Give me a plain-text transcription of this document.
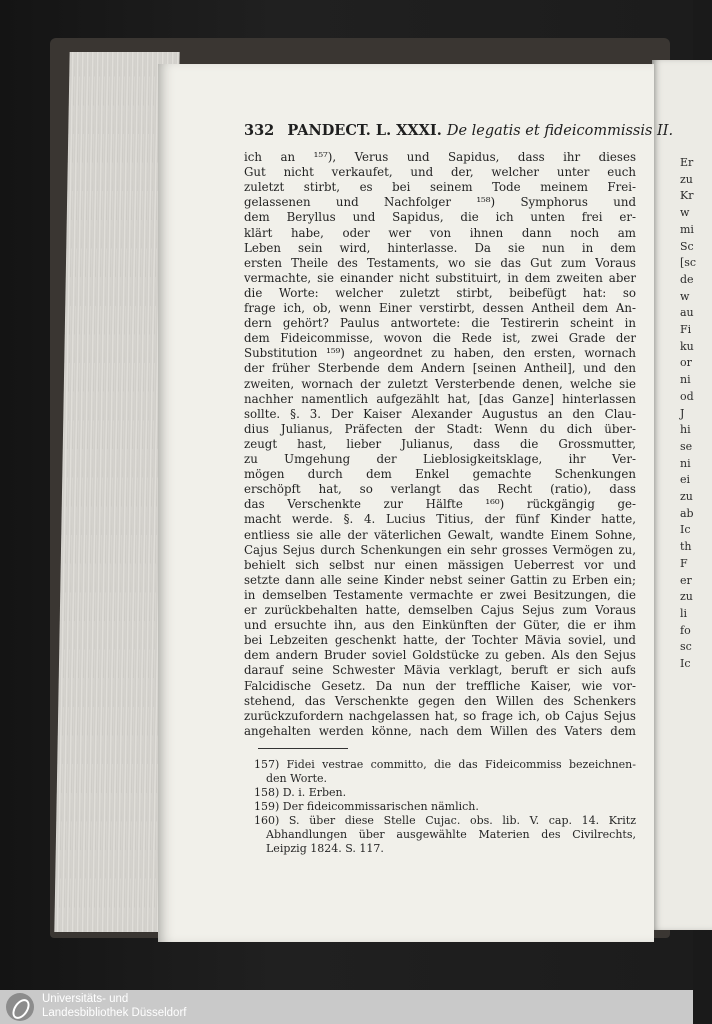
Er
zu
Kr
w
mi
Sc
[sc
de
w
au
Fi
ku
or
ni
od
J
hi
se
ni
ei
zu
ab
Ic
th
F
er
zu
li
fo
sc
Ic
332 PANDECT. L. XXXI. De legatis et fideicommissis II.
ich an ¹⁵⁷), Verus und Sapidus, dass ihr dieses
Gut nicht verkaufet, und der, welcher unter euch
zuletzt stirbt, es bei seinem Tode meinem Frei-
gelassenen und Nachfolger ¹⁵⁸) Symphorus und
dem Beryllus und Sapidus, die ich unten frei er-
klärt habe, oder wer von ihnen dann noch am
Leben sein wird, hinterlasse. Da sie nun in dem
ersten Theile des Testaments, wo sie das Gut zum Voraus
vermachte, sie einander nicht substituirt, in dem zweiten aber
die Worte: welcher zuletzt stirbt, beibefügt hat: so
frage ich, ob, wenn Einer verstirbt, dessen Antheil dem An-
dern gehört? Paulus antwortete: die Testirerin scheint in
dem Fideicommisse, wovon die Rede ist, zwei Grade der
Substitution ¹⁵⁹) angeordnet zu haben, den ersten, wornach
der früher Sterbende dem Andern [seinen Antheil], und den
zweiten, wornach der zuletzt Versterbende denen, welche sie
nachher namentlich aufgezählt hat, [das Ganze] hinterlassen
sollte. §. 3. Der Kaiser Alexander Augustus an den Clau-
dius Julianus, Präfecten der Stadt: Wenn du dich über-
zeugt hast, lieber Julianus, dass die Grossmutter,
zu Umgehung der Lieblosigkeitsklage, ihr Ver-
mögen durch dem Enkel gemachte Schenkungen
erschöpft hat, so verlangt das Recht (ratio), dass
das Verschenkte zur Hälfte ¹⁶⁰) rückgängig ge-
macht werde. §. 4. Lucius Titius, der fünf Kinder hatte,
entliess sie alle der väterlichen Gewalt, wandte Einem Sohne,
Cajus Sejus durch Schenkungen ein sehr grosses Vermögen zu,
behielt sich selbst nur einen mässigen Ueberrest vor und
setzte dann alle seine Kinder nebst seiner Gattin zu Erben ein;
in demselben Testamente vermachte er zwei Besitzungen, die
er zurückbehalten hatte, demselben Cajus Sejus zum Voraus
und ersuchte ihn, aus den Einkünften der Güter, die er ihm
bei Lebzeiten geschenkt hatte, der Tochter Mävia soviel, und
dem andern Bruder soviel Goldstücke zu geben. Als den Sejus
darauf seine Schwester Mävia verklagt, beruft er sich aufs
Falcidische Gesetz. Da nun der treffliche Kaiser, wie vor-
stehend, das Verschenkte gegen den Willen des Schenkers
zurückzufordern nachgelassen hat, so frage ich, ob Cajus Sejus
angehalten werden könne, nach dem Willen des Vaters dem
157) Fidei vestrae committo, die das Fideicommiss bezeichnen-
den Worte.
158) D. i. Erben.
159) Der fideicommissarischen nämlich.
160) S. über diese Stelle Cujac. obs. lib. V. cap. 14. Kritz
Abhandlungen über ausgewählte Materien des Civilrechts,
Leipzig 1824. S. 117.
Universitäts- und
Landesbibliothek Düsseldorf
